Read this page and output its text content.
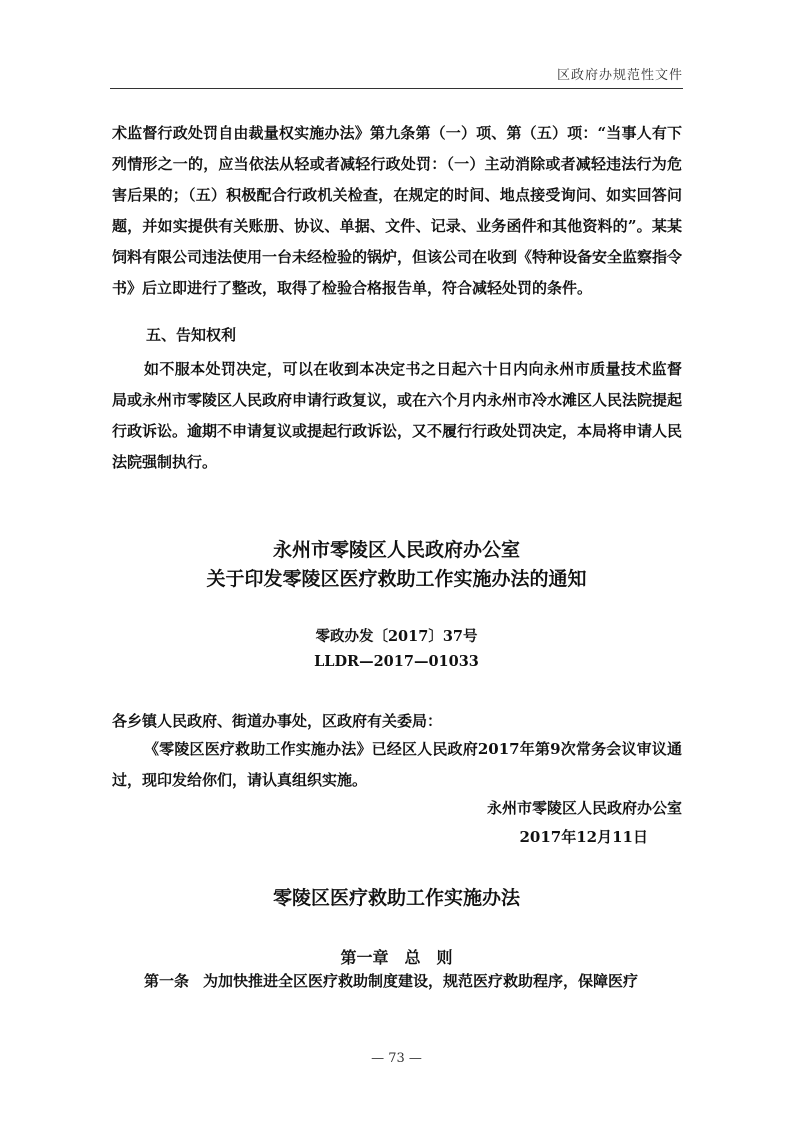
区政府办规范性文件

术监督行政处罚自由裁量权实施办法》第九条第（一）项、第（五）项：“当事人有下列情形之一的，应当依法从轻或者减轻行政处罚：（一）主动消除或者减轻违法行为危害后果的；（五）积极配合行政机关检查，在规定的时间、地点接受询问、如实回答问题，并如实提供有关账册、协议、单据、文件、记录、业务函件和其他资料的”。某某饲料有限公司违法使用一台未经检验的锅炉，但该公司在收到《特种设备安全监察指令书》后立即进行了整改，取得了检验合格报告单，符合减轻处罚的条件。

五、告知权利

如不服本处罚决定，可以在收到本决定书之日起六十日内向永州市质量技术监督局或永州市零陵区人民政府申请行政复议，或在六个月内永州市冷水滩区人民法院提起行政诉讼。逾期不申请复议或提起行政诉讼，又不履行行政处罚决定，本局将申请人民法院强制执行。

永州市零陵区人民政府办公室
关于印发零陵区医疗救助工作实施办法的通知
零政办发〔2017〕37号
LLDR—2017—01033
各乡镇人民政府、街道办事处，区政府有关委局：

《零陵区医疗救助工作实施办法》已经区人民政府2017年第9次常务会议审议通过，现印发给你们，请认真组织实施。

永州市零陵区人民政府办公室
2017年12月11日
零陵区医疗救助工作实施办法
第一章　总　则

第一条 为加快推进全区医疗救助制度建设，规范医疗救助程序，保障医疗

— 73 —
